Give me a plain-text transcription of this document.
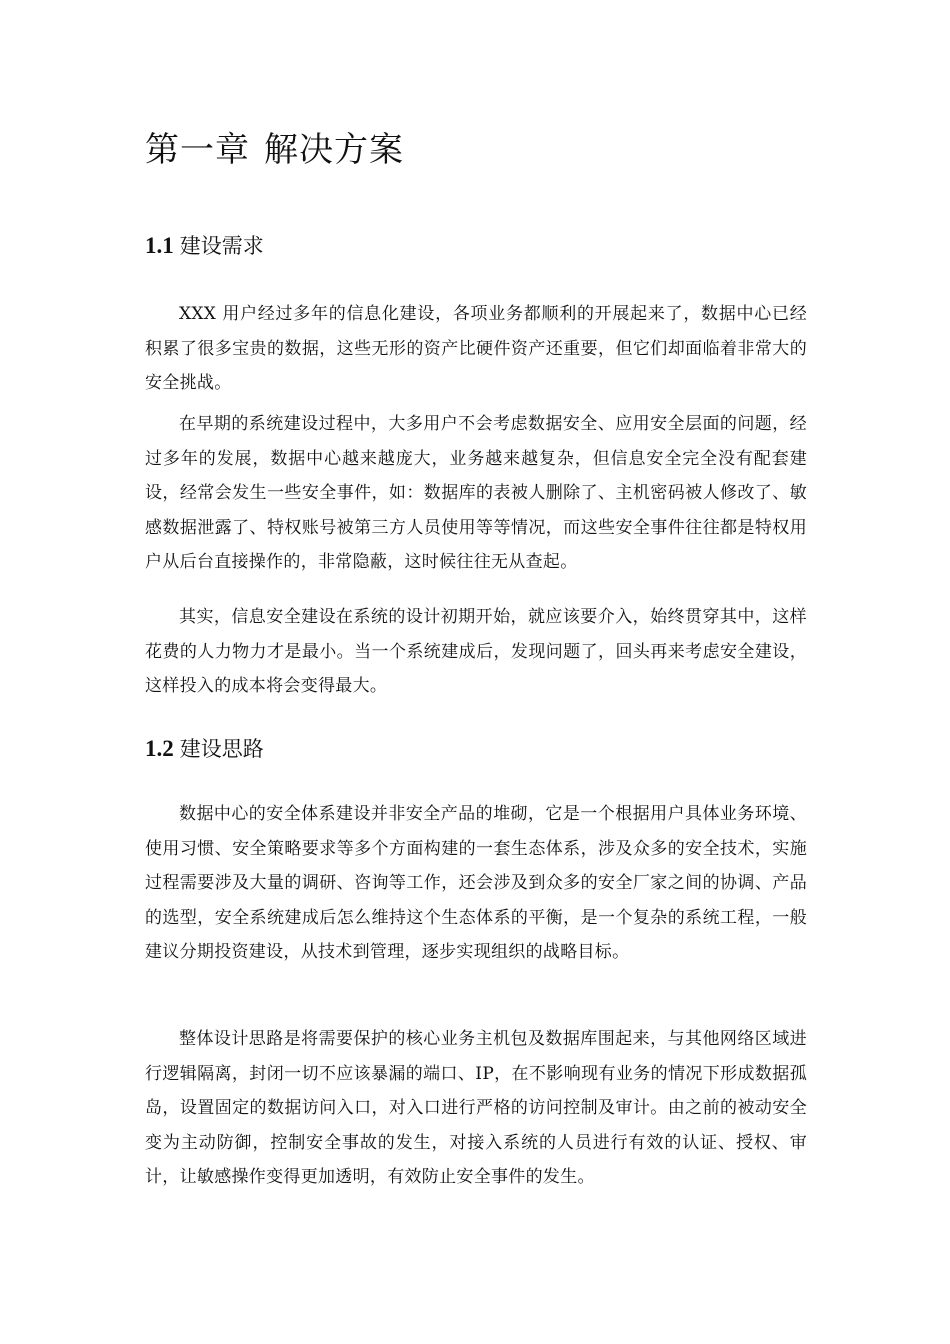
第一章 解决方案
1.1 建设需求

XXX 用户经过多年的信息化建设，各项业务都顺利的开展起来了，数据中心已经积累了很多宝贵的数据，这些无形的资产比硬件资产还重要，但它们却面临着非常大的安全挑战。

在早期的系统建设过程中，大多用户不会考虑数据安全、应用安全层面的问题，经过多年的发展，数据中心越来越庞大，业务越来越复杂，但信息安全完全没有配套建设，经常会发生一些安全事件，如：数据库的表被人删除了、主机密码被人修改了、敏感数据泄露了、特权账号被第三方人员使用等等情况，而这些安全事件往往都是特权用户从后台直接操作的，非常隐蔽，这时候往往无从查起。

其实，信息安全建设在系统的设计初期开始，就应该要介入，始终贯穿其中，这样花费的人力物力才是最小。当一个系统建成后，发现问题了，回头再来考虑安全建设，这样投入的成本将会变得最大。

1.2 建设思路

数据中心的安全体系建设并非安全产品的堆砌，它是一个根据用户具体业务环境、使用习惯、安全策略要求等多个方面构建的一套生态体系，涉及众多的安全技术，实施过程需要涉及大量的调研、咨询等工作，还会涉及到众多的安全厂家之间的协调、产品的选型，安全系统建成后怎么维持这个生态体系的平衡，是一个复杂的系统工程，一般建议分期投资建设，从技术到管理，逐步实现组织的战略目标。

整体设计思路是将需要保护的核心业务主机包及数据库围起来，与其他网络区域进行逻辑隔离，封闭一切不应该暴漏的端口、IP，在不影响现有业务的情况下形成数据孤岛，设置固定的数据访问入口，对入口进行严格的访问控制及审计。由之前的被动安全变为主动防御，控制安全事故的发生，对接入系统的人员进行有效的认证、授权、审计，让敏感操作变得更加透明，有效防止安全事件的发生。
